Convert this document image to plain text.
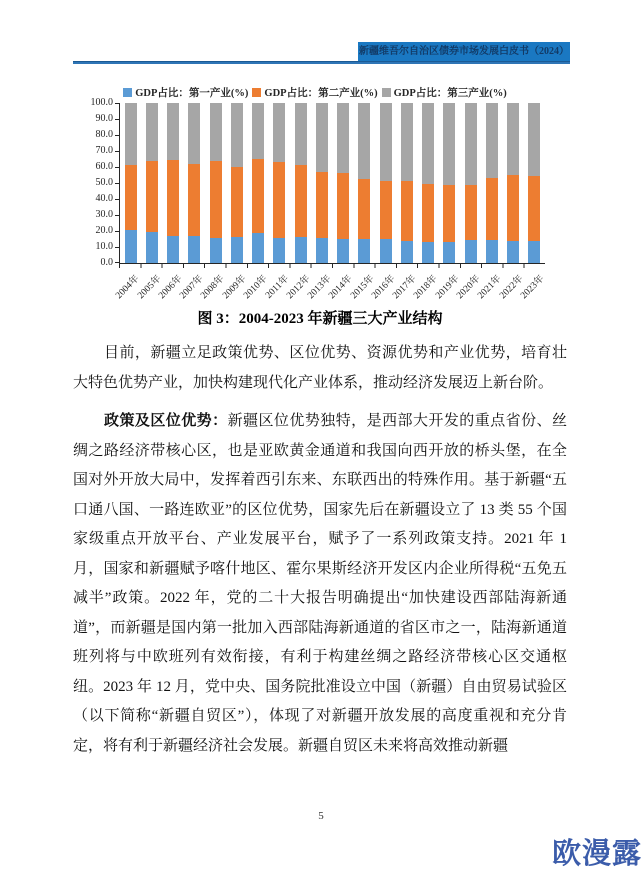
新疆维吾尔自治区债券市场发展白皮书（2024）
GDP占比：第一产业(%) GDP占比：第二产业(%) GDP占比：第三产业(%)
100.0
90.0
80.0
70.0
60.0
50.0
40.0
30.0
20.0
10.0
0.0
2004年
2005年
2006年
2007年
2008年
2009年
2010年
2011年
2012年
2013年
2014年
2015年
2016年
2017年
2018年
2019年
2020年
2021年
2022年
2023年
图 3：2004-2023 年新疆三大产业结构
目前，新疆立足政策优势、区位优势、资源优势和产业优势，培育壮大特色优势产业，加快构建现代化产业体系，推动经济发展迈上新台阶。
政策及区位优势：新疆区位优势独特，是西部大开发的重点省份、丝绸之路经济带核心区，也是亚欧黄金通道和我国向西开放的桥头堡，在全国对外开放大局中，发挥着西引东来、东联西出的特殊作用。基于新疆“五口通八国、一路连欧亚”的区位优势，国家先后在新疆设立了 13 类 55 个国家级重点开放平台、产业发展平台，赋予了一系列政策支持。2021 年 1 月，国家和新疆赋予喀什地区、霍尔果斯经济开发区内企业所得税“五免五减半”政策。2022 年，党的二十大报告明确提出“加快建设西部陆海新通道”，而新疆是国内第一批加入西部陆海新通道的省区市之一，陆海新通道班列将与中欧班列有效衔接，有利于构建丝绸之路经济带核心区交通枢纽。2023 年 12 月，党中央、国务院批准设立中国（新疆）自由贸易试验区（以下简称“新疆自贸区”），体现了对新疆开放发展的高度重视和充分肯定，将有利于新疆经济社会发展。新疆自贸区未来将高效推动新疆
5
欧漫露
